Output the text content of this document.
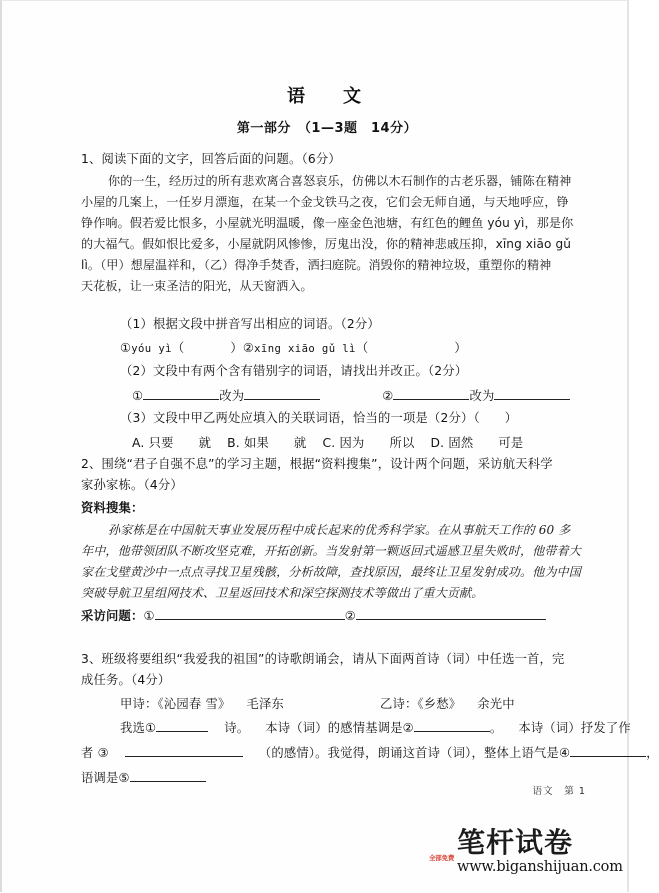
语　文
第一部分　（1—3题　14分）
1、阅读下面的文字，回答后面的问题。（6分）
你的一生，经历过的所有悲欢离合喜怒哀乐，仿佛以木石制作的古老乐器，铺陈在精神
小屋的几案上，一任岁月漂迤，在某一个金戈铁马之夜，它们会无师自通，与天地呼应，铮
铮作响。假若爱比恨多，小屋就光明温暖，像一座金色池塘，有红色的鲤鱼 yóu yì，那是你
的大福气。假如恨比爱多，小屋就阴风惨惨，厉鬼出没，你的精神悲戚压抑，xīng xiāo gǔ
lì。（甲）想屋温祥和，（乙）得净手焚香，洒扫庭院。消毁你的精神垃圾，重塑你的精神
天花板，让一束圣洁的阳光，从天窗洒入。
（1）根据文段中拼音写出相应的词语。（2分）
①yóu yì（	）②xīng xiāo gǔ lì（	）
（2）文段中有两个含有错别字的词语，请找出并改正。（2分）
①	改为	②	改为
（3）文段中甲乙两处应填入的关联词语，恰当的一项是（2分）（　　）
A. 只要　　就 B. 如果　　就 C. 因为　　所以 D. 固然　　可是
2、围绕“君子自强不息”的学习主题，根据“资料搜集”，设计两个问题，采访航天科学
家孙家栋。（4分）
资料搜集：
孙家栋是在中国航天事业发展历程中成长起来的优秀科学家。在从事航天工作的 60 多
年中，他带领团队不断攻坚克难，开拓创新。当发射第一颗返回式遥感卫星失败时，他带着大
家在戈壁黄沙中一点点寻找卫星残骸，分析故障，查找原因，最终让卫星发射成功。他为中国
突破导航卫星组网技术、卫星返回技术和深空探测技术等做出了重大贡献。
采访问题：①	②
3、班级将要组织“我爱我的祖国”的诗歌朗诵会，请从下面两首诗（词）中任选一首，完
成任务。（4分）
甲诗：《沁园春 雪》 毛泽东	乙诗：《乡愁》 余光中
我选①	诗。 本诗（词）的感情基调是②	。 本诗（词）抒发了作
者 ③	（的感情）。我觉得，朗诵这首诗（词），整体上语气是④	，
语调是⑤
语文　第 1
笔杆试卷
www.biganshijuan.com
全部免费
